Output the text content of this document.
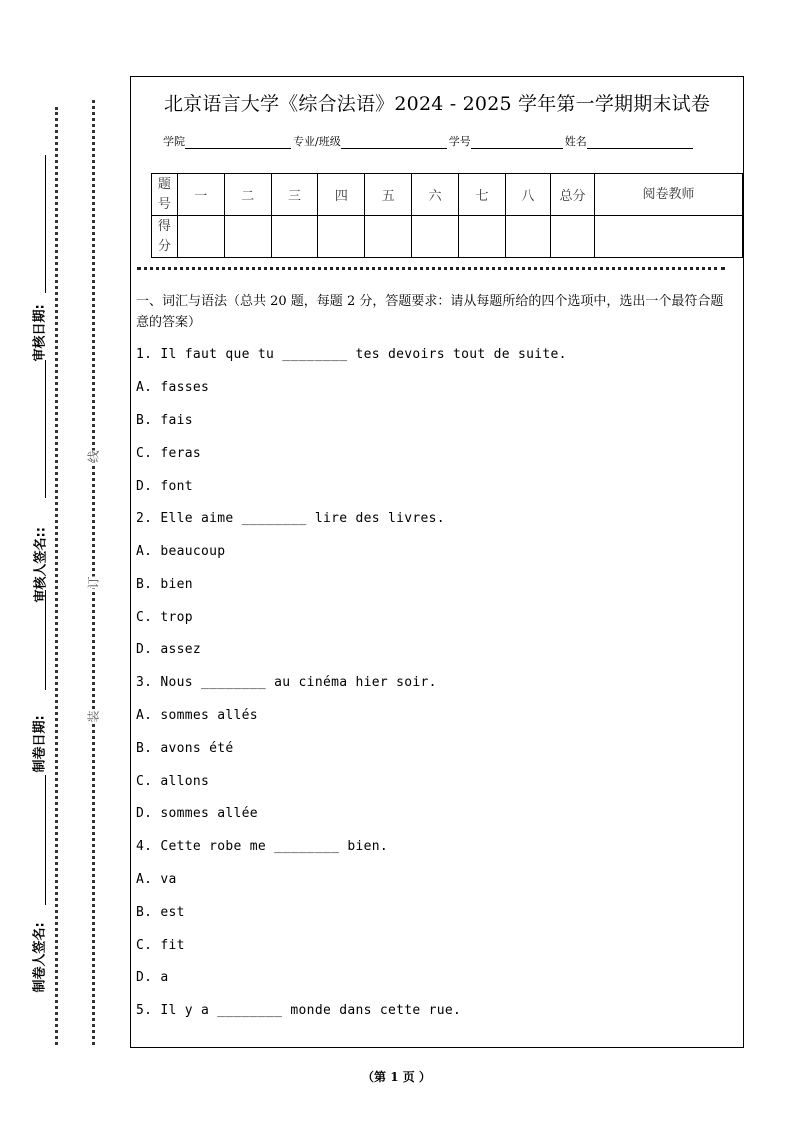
审核日期:
审核人签名::
制卷日期:
制卷人签名:
线
订
装
北京语言大学《综合法语》2024 - 2025 学年第一学期期末试卷
学院	专业/班级	学号	姓名
题号	一	二	三	四	五	六	七	八	总分	阅卷教师
得分										
一、词汇与语法（总共 20 题，每题 2 分，答题要求：请从每题所给的四个选项中，选出一个最符合题意的答案）
1. Il faut que tu ________ tes devoirs tout de suite.
A. fasses
B. fais
C. feras
D. font
2. Elle aime ________ lire des livres.
A. beaucoup
B. bien
C. trop
D. assez
3. Nous ________ au cinéma hier soir.
A. sommes allés
B. avons été
C. allons
D. sommes allée
4. Cette robe me ________ bien.
A. va
B. est
C. fit
D. a
5. Il y a ________ monde dans cette rue.
（第 1 页 ）
